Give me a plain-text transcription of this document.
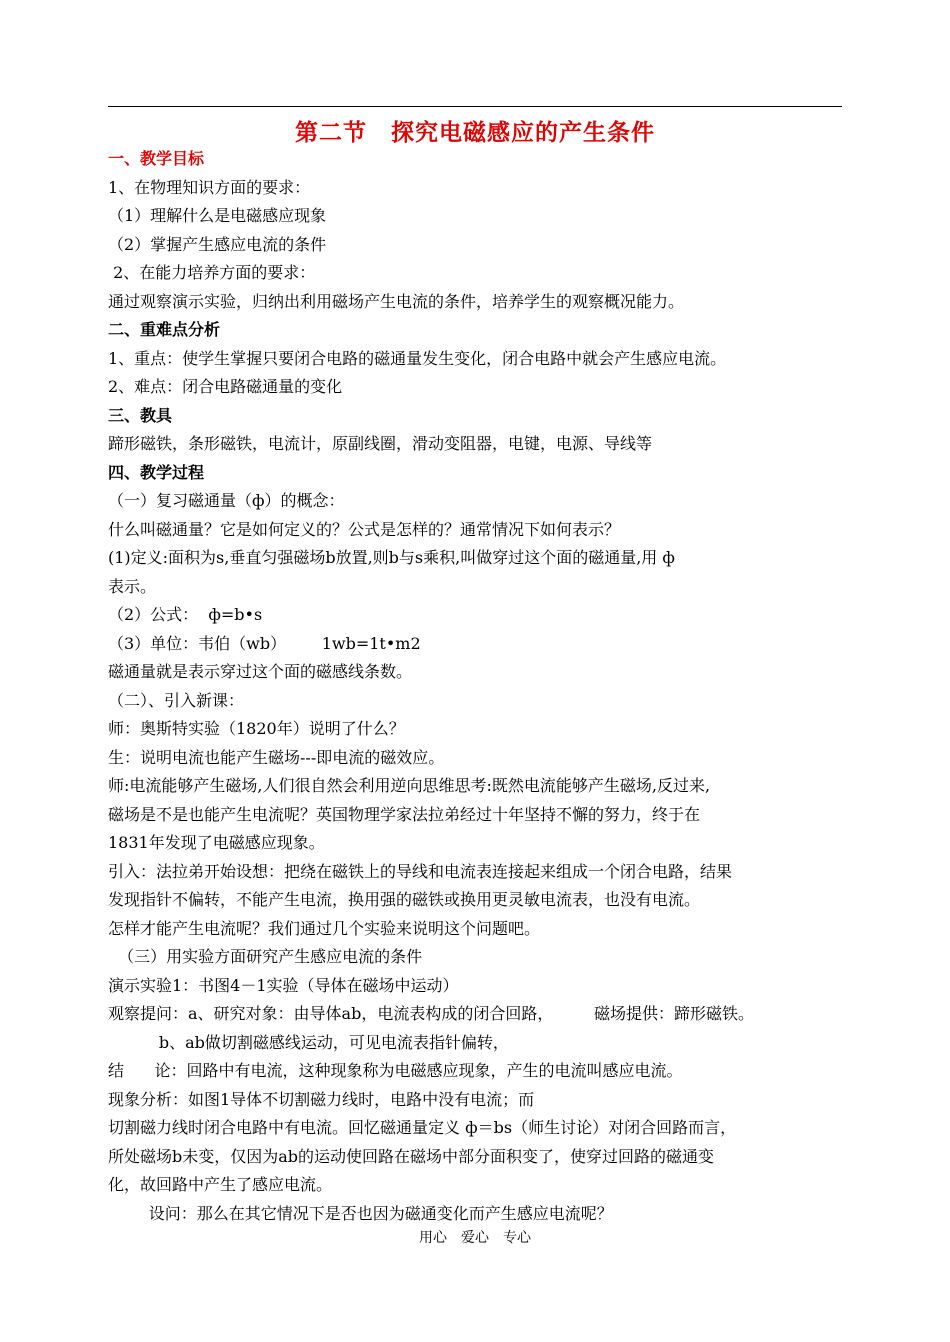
第二节　探究电磁感应的产生条件
一、教学目标
1、在物理知识方面的要求：
（1）理解什么是电磁感应现象
（2）掌握产生感应电流的条件
2、在能力培养方面的要求：
通过观察演示实验，归纳出利用磁场产生电流的条件，培养学生的观察概况能力。
二、重难点分析
1、重点：使学生掌握只要闭合电路的磁通量发生变化，闭合电路中就会产生感应电流。
2、难点：闭合电路磁通量的变化
三、教具
蹄形磁铁，条形磁铁，电流计，原副线圈，滑动变阻器，电键，电源、导线等
四、教学过程
（一）复习磁通量（ф）的概念：
什么叫磁通量？它是如何定义的？公式是怎样的？通常情况下如何表示？
(1)定义:面积为s,垂直匀强磁场b放置,则b与s乘积,叫做穿过这个面的磁通量,用 ф
表示。
（2）公式：  ф=b•s
（3）单位：韦伯（wb）       1wb=1t•m2
磁通量就是表示穿过这个面的磁感线条数。
（二）、引入新课：
师：奥斯特实验（1820年）说明了什么？
生：说明电流也能产生磁场---即电流的磁效应。
师:电流能够产生磁场,人们很自然会利用逆向思维思考:既然电流能够产生磁场,反过来,
磁场是不是也能产生电流呢？英国物理学家法拉弟经过十年坚持不懈的努力，终于在
1831年发现了电磁感应现象。
引入：法拉弟开始设想：把绕在磁铁上的导线和电流表连接起来组成一个闭合电路，结果
发现指针不偏转，不能产生电流，换用强的磁铁或换用更灵敏电流表，也没有电流。
怎样才能产生电流呢？我们通过几个实验来说明这个问题吧。
（三）用实验方面研究产生感应电流的条件
演示实验1：书图4－1实验（导体在磁场中运动）
观察提问：a、研究对象：由导体ab，电流表构成的闭合回路，        磁场提供：蹄形磁铁。
b、ab做切割磁感线运动，可见电流表指针偏转，
结      论：回路中有电流，这种现象称为电磁感应现象，产生的电流叫感应电流。
现象分析：如图1导体不切割磁力线时，电路中没有电流；而
切割磁力线时闭合电路中有电流。回忆磁通量定义 ф＝bs（师生讨论）对闭合回路而言，
所处磁场b未变，仅因为ab的运动使回路在磁场中部分面积变了，使穿过回路的磁通变
化，故回路中产生了感应电流。
设问：那么在其它情况下是否也因为磁通变化而产生感应电流呢？
用心　爱心　专心
